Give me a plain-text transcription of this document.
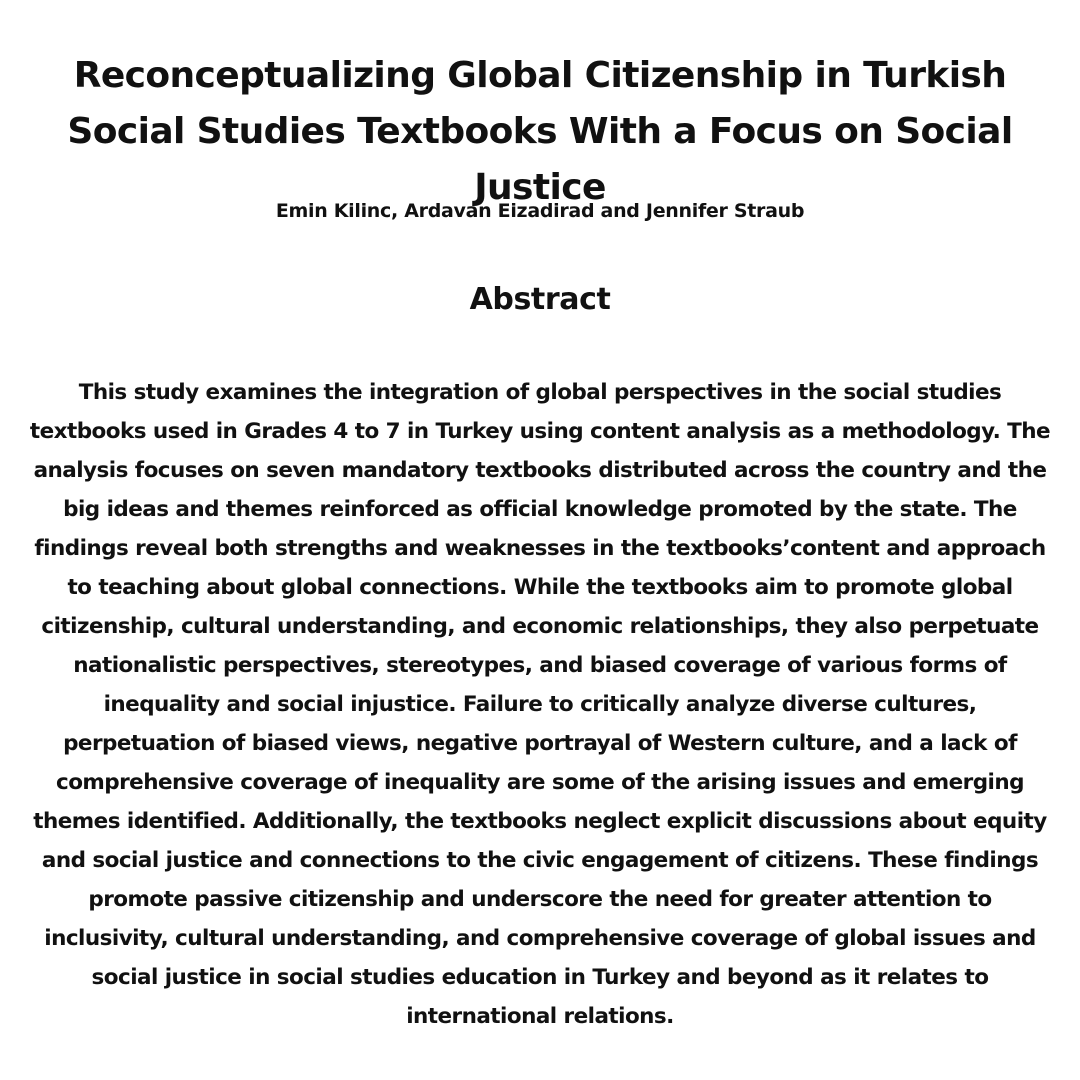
Reconceptualizing Global Citizenship in Turkish Social Studies Textbooks With a Focus on Social Justice

Emin Kilinc, Ardavan Eizadirad and Jennifer Straub

Abstract

This study examines the integration of global perspectives in the social studies textbooks used in Grades 4 to 7 in Turkey using content analysis as a methodology. The analysis focuses on seven mandatory textbooks distributed across the country and the big ideas and themes reinforced as official knowledge promoted by the state. The findings reveal both strengths and weaknesses in the textbooks’content and approach to teaching about global connections. While the textbooks aim to promote global citizenship, cultural understanding, and economic relationships, they also perpetuate nationalistic perspectives, stereotypes, and biased coverage of various forms of inequality and social injustice. Failure to critically analyze diverse cultures, perpetuation of biased views, negative portrayal of Western culture, and a lack of comprehensive coverage of inequality are some of the arising issues and emerging themes identified. Additionally, the textbooks neglect explicit discussions about equity and social justice and connections to the civic engagement of citizens. These findings promote passive citizenship and underscore the need for greater attention to inclusivity, cultural understanding, and comprehensive coverage of global issues and social justice in social studies education in Turkey and beyond as it relates to international relations.
